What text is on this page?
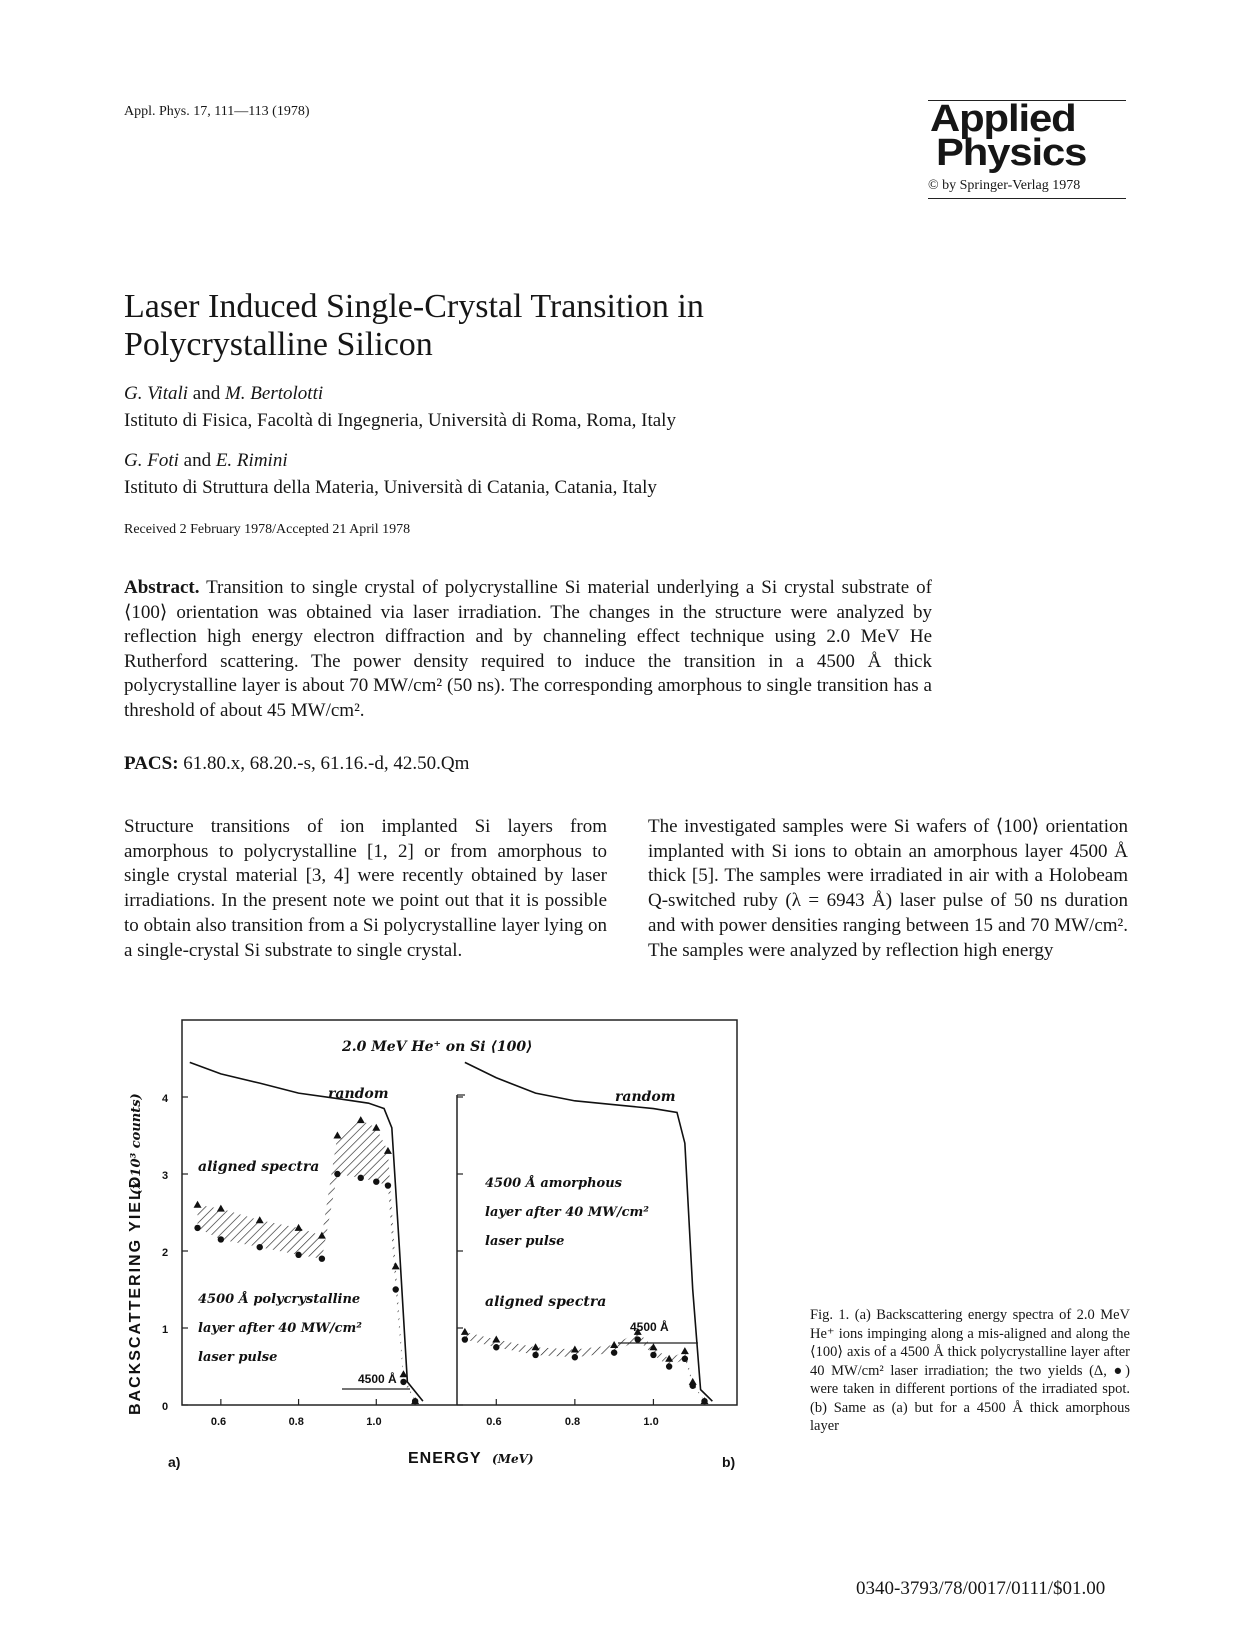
Appl. Phys. 17, 111—113 (1978)	Applied
Physics
© by Springer-Verlag 1978
Laser Induced Single-Crystal Transition in Polycrystalline Silicon
G. Vitali and M. Bertolotti
Istituto di Fisica, Facoltà di Ingegneria, Università di Roma, Roma, Italy
G. Foti and E. Rimini
Istituto di Struttura della Materia, Università di Catania, Catania, Italy
Received 2 February 1978/Accepted 21 April 1978
Abstract. Transition to single crystal of polycrystalline Si material underlying a Si crystal substrate of ⟨100⟩ orientation was obtained via laser irradiation. The changes in the structure were analyzed by reflection high energy electron diffraction and by channeling effect technique using 2.0 MeV He Rutherford scattering. The power density required to induce the transition in a 4500 Å thick polycrystalline layer is about 70 MW/cm² (50 ns). The corresponding amorphous to single transition has a threshold of about 45 MW/cm².
PACS: 61.80.x, 68.20.-s, 61.16.-d, 42.50.Qm
Structure transitions of ion implanted Si layers from amorphous to polycrystalline [1, 2] or from amorphous to single crystal material [3, 4] were recently obtained by laser irradiations. In the present note we point out that it is possible to obtain also transition from a Si polycrystalline layer lying on a single-crystal Si substrate to single crystal.
The investigated samples were Si wafers of ⟨100⟩ orientation implanted with Si ions to obtain an amorphous layer 4500 Å thick [5]. The samples were irradiated in air with a Holobeam Q-switched ruby (λ = 6943 Å) laser pulse of 50 ns duration and with power densities ranging between 15 and 70 MW/cm². The samples were analyzed by reflection high energy
0
1
2
3
4
0.6	0.8	1.0	0.6	0.8	1.0
BACKSCATTERING YIELD
(x 10³ counts)
ENERGY (MeV)
2.0 MeV He⁺ on Si ⟨100⟩
a)	b)
random
aligned spectra
4500 Å polycrystalline
layer after 40 MW/cm²
laser pulse
4500 Å
random
4500 Å amorphous
layer after 40 MW/cm²
laser pulse
aligned spectra
4500 Å
Fig. 1. (a) Backscattering energy spectra of 2.0 MeV He⁺ ions impinging along a mis-aligned and along the ⟨100⟩ axis of a 4500 Å thick polycrystalline layer after 40 MW/cm² laser irradiation; the two yields (Δ, ●) were taken in different portions of the irradiated spot. (b) Same as (a) but for a 4500 Å thick amorphous layer
0340-3793/78/0017/0111/$01.00
